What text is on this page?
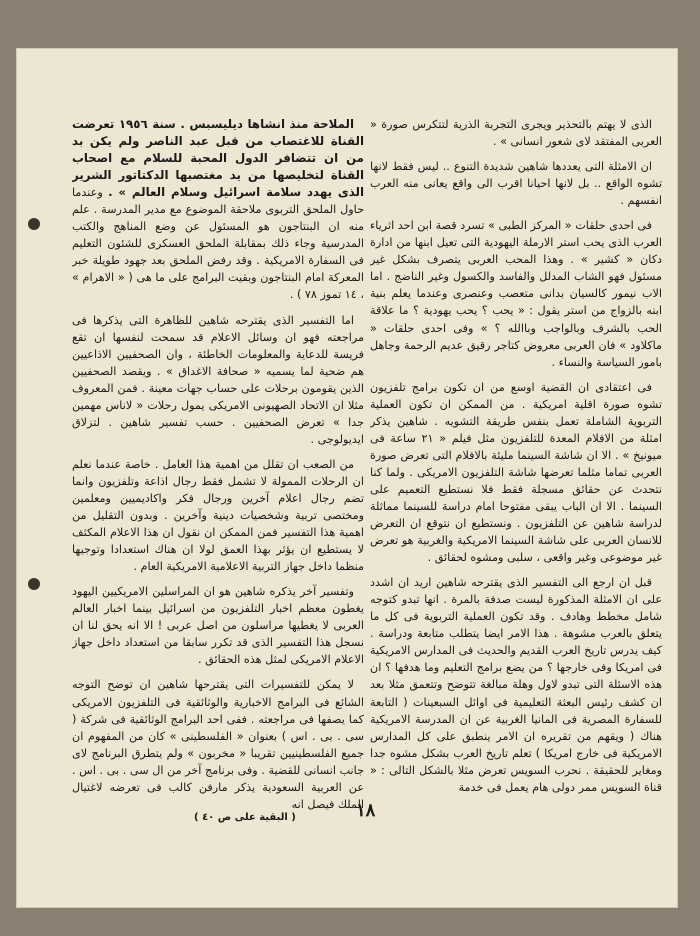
الذى لا يهتم بالتحذير ويجرى التجربة الذرية لتتكرس صورة « العربى المفتقد لاى شعور انسانى » .

ان الامثلة التى يعددها شاهين شديدة التنوع .. ليس فقط لانها تشوه الواقع .. بل لانها احيانا اقرب الى واقع يعانى منه العرب انفسهم .

فى احدى حلقات « المركز الطبى » تسرد قصة ابن احد اثرياء العرب الذى يحب استر الارملة اليهودية التى تعيل ابنها من ادارة دكان « كشير » . وهذا المحب العربى يتصرف بشكل غير مسئول فهو الشاب المدلل والفاسد والكسول وغير الناضج . اما الاب نيمور كالسيان بدانى متعصب وعنصرى وعندما يعلم بنية ابنه بالزواج من استر يقول : « يحب ؟ يحب يهودية ؟ ما علاقة الحب بالشرف وبالواجب وباالله ؟ » وفى احدى حلقات « ماكلاود » فان العربى معروض كتاجر رقيق عديم الرحمة وجاهل بامور السياسة والنساء .

فى اعتقادى ان القضية اوسع من ان تكون برامج تلفزيون تشوه صورة اقلية امريكية . من الممكن ان تكون العملية التربوية الشاملة تعمل بنفس طريقة التشويه . شاهين يذكر امثلة من الافلام المعدة للتلفزيون مثل فيلم « ٢١ ساعة فى ميونيخ » . الا ان شاشة السينما مليئة بالافلام التى تعرض صورة العربى تماما مثلما تعرضها شاشة التلفزيون الامريكى . ولما كنا نتحدث عن حقائق مسجلة فقط فلا نستطيع التعميم على السينما . الا ان الباب يبقى مفتوحا امام دراسة للسينما مماثلة لدراسة شاهين عن التلفزيون . ونستطيع ان نتوقع ان التعرض للانسان العربى على شاشة السينما الامريكية والغربية هو تعرض غير موضوعى وغير واقعى ، سلبى ومشوه لحقائق .

قبل ان ارجع الى التفسير الذى يقترحه شاهين اريد ان اشدد على ان الامثلة المذكورة ليست صدفة بالمرة . انها تبدو كتوجه شامل مخطط وهادف . وقد تكون العملية التربوية فى كل ما يتعلق بالعرب مشوهة . هذا الامر ايضا يتطلب متابعة ودراسة . كيف يدرس تاريخ العرب القديم والحديث فى المدارس الامريكية فى امريكا وفى خارجها ؟ من يضع برامج التعليم وما هدفها ؟ ان هذه الاسئلة التى تبدو لاول وهلة مبالغة تتوضح وتتعمق مثلا بعد ان كشف رئيس البعثة التعليمية فى اوائل السبعينات ( التابعة للسفارة المصرية فى المانيا الغربية عن ان المدرسة الامريكية هناك ( ويقهم من تقريره ان الامر ينطبق على كل المدارس الامريكية فى خارج امريكا ) تعلم تاريخ العرب بشكل مشوه جدا ومغاير للحقيقة . نحرب السويس تعرض مثلا بالشكل التالى : « قناة السويس ممر دولى هام يعمل فى خدمة

الملاحة منذ انشاها ديليسبس . سنة ١٩٥٦ تعرضت القناة للاغتصاب من قبل عبد الناصر ولم يكن بد من ان تتضافر الدول المحبة للسلام مع اصحاب القناة لتخليصها من يد مغتصبها الدكتاتور الشرير الذى يهدد سلامة اسرائيل وسلام العالم » . وعندما حاول الملحق التربوى ملاحقة الموضوع مع مدير المدرسة . علم منه ان البنتاجون هو المسئول عن وضع المناهج والكتب المدرسية وجاء ذلك بمقابلة الملحق العسكرى للشئون التعليم فى السفارة الامريكية . وقد رفض الملحق بعد جهود طويلة خبر المعركة امام البنتاجون وبقيت البرامج على ما هى ( « الاهرام » ، ١٤ تموز ٧٨ ) .

اما التفسير الذى يقترحه شاهين للظاهرة التى يذكرها فى مراجعته فهو ان وسائل الاعلام قد سمحت لنفسها ان تقع فريسة للدعاية والمعلومات الخاطئة ، وان الصحفيين الاذاعيين هم ضحية لما يسميه « صحافة الاغداق » . ويقصد الصحفيين الذين يقومون برحلات على حساب جهات معينة . فمن المعروف مثلا ان الاتحاد الصهيونى الامريكى يمول رحلات « لاناس مهمين جدا » تعرض الصحفيين . حسب تفسير شاهين . لتزلاق ايديولوجى .

من الصعب ان تقلل من اهمية هذا العامل . خاصة عندما نعلم ان الرحلات الممولة لا تشمل فقط رجال اذاعة وتلفزيون وانما تضم رجال اعلام آخرين ورجال فكر واكاديميين ومعلمين ومختصى تربية وشخصيات دينية وآخرين . وبدون التقليل من اهمية هذا التفسير فمن الممكن ان نقول ان هذا الاعلام المكثف لا يستطيع ان يؤثر بهذا العمق لولا ان هناك استعدادا وتوجيها منظما داخل جهاز التربية الاعلامية الامريكية العام .

وتفسير آخر يذكره شاهين هو ان المراسلين الامريكيين اليهود يغطون معظم اخبار التلفزيون من اسرائيل بينما اخبار العالم العربى لا يغطيها مراسلون من اصل عربى ! الا انه يحق لنا ان نسجل هذا التفسير الذى قد تكرر سابقا من استعداد داخل جهاز الاعلام الامريكى لمثل هذه الحقائق .

لا يمكن للتفسيرات التى يقترحها شاهين ان توضح التوجه الشائع فى البرامج الاخبارية والوثائقية فى التلفزيون الامريكى كما يصفها فى مراجعته . ففى احد البرامج الوثائقية فى شركة ( سى . بى . اس ) بعنوان « الفلسطينى » كان من المفهوم ان جميع الفلسطينيين تقريبا « مخربون » ولم يتطرق البرنامج لاى جانب انسانى للقضية . وفى برنامج آخر من ال سى . بى . اس . عن العربية السعودية يذكر مارفن كالب فى تعرضه لاغتيال الملك فيصل انه

( البقية على ص ٤٠ )	١٨
